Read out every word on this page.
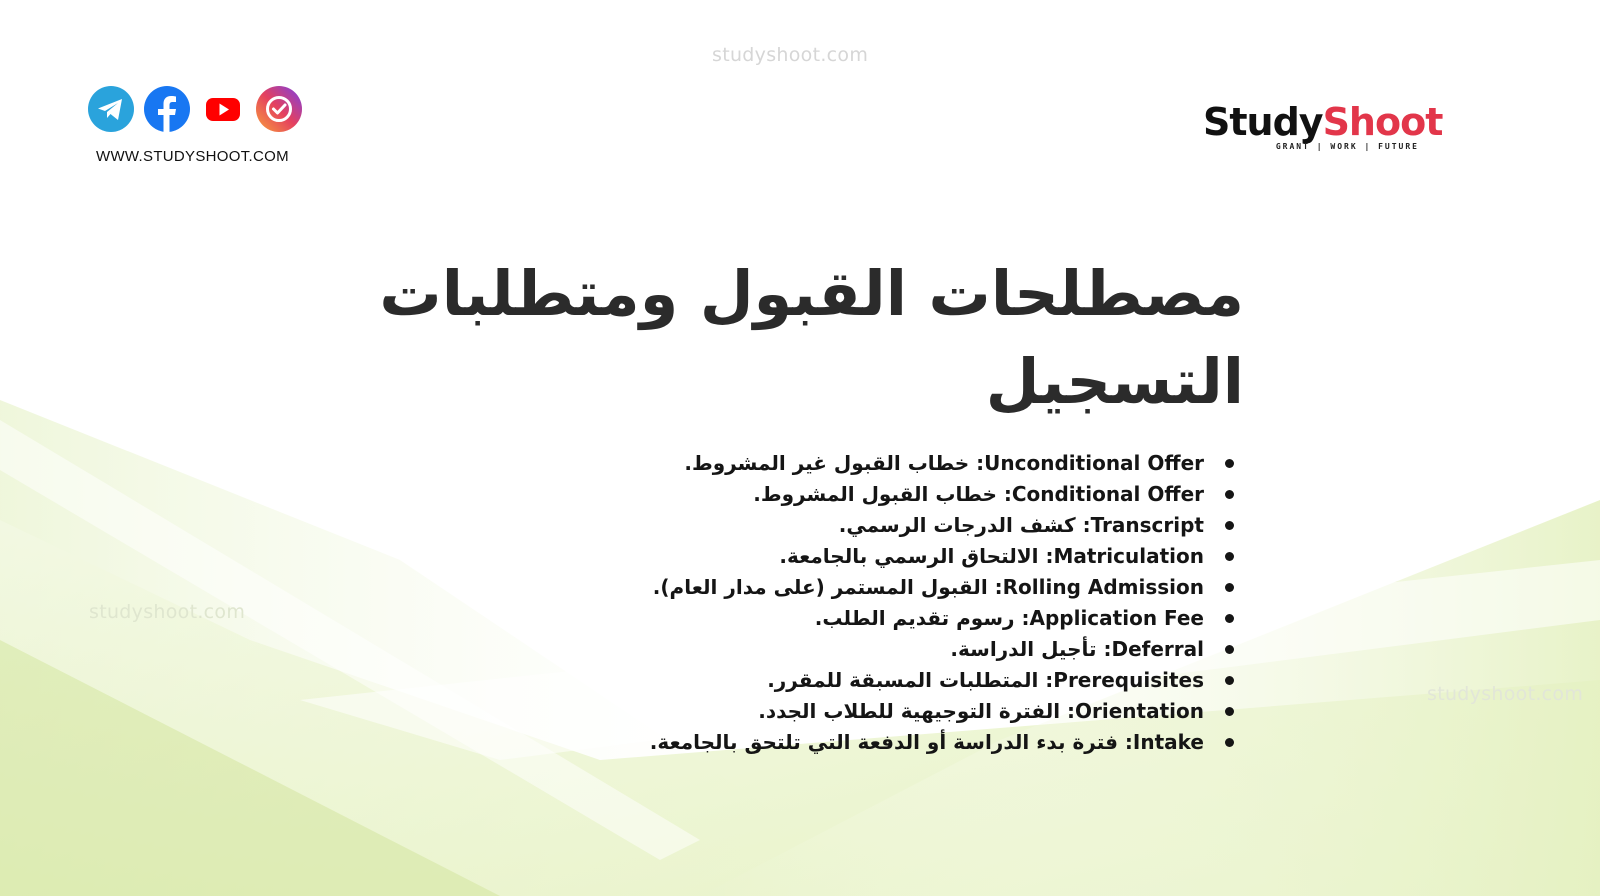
studyshoot.com
studyshoot.com
studyshoot.com
WWW.STUDYSHOOT.COM
StudyShoot
GRANT | WORK | FUTURE
مصطلحات القبول ومتطلبات التسجيل
Unconditional Offer: خطاب القبول غير المشروط.
Conditional Offer: خطاب القبول المشروط.
Transcript: كشف الدرجات الرسمي.
Matriculation: الالتحاق الرسمي بالجامعة.
Rolling Admission: القبول المستمر (على مدار العام).
Application Fee: رسوم تقديم الطلب.
Deferral: تأجيل الدراسة.
Prerequisites: المتطلبات المسبقة للمقرر.
Orientation: الفترة التوجيهية للطلاب الجدد.
Intake: فترة بدء الدراسة أو الدفعة التي تلتحق بالجامعة.
